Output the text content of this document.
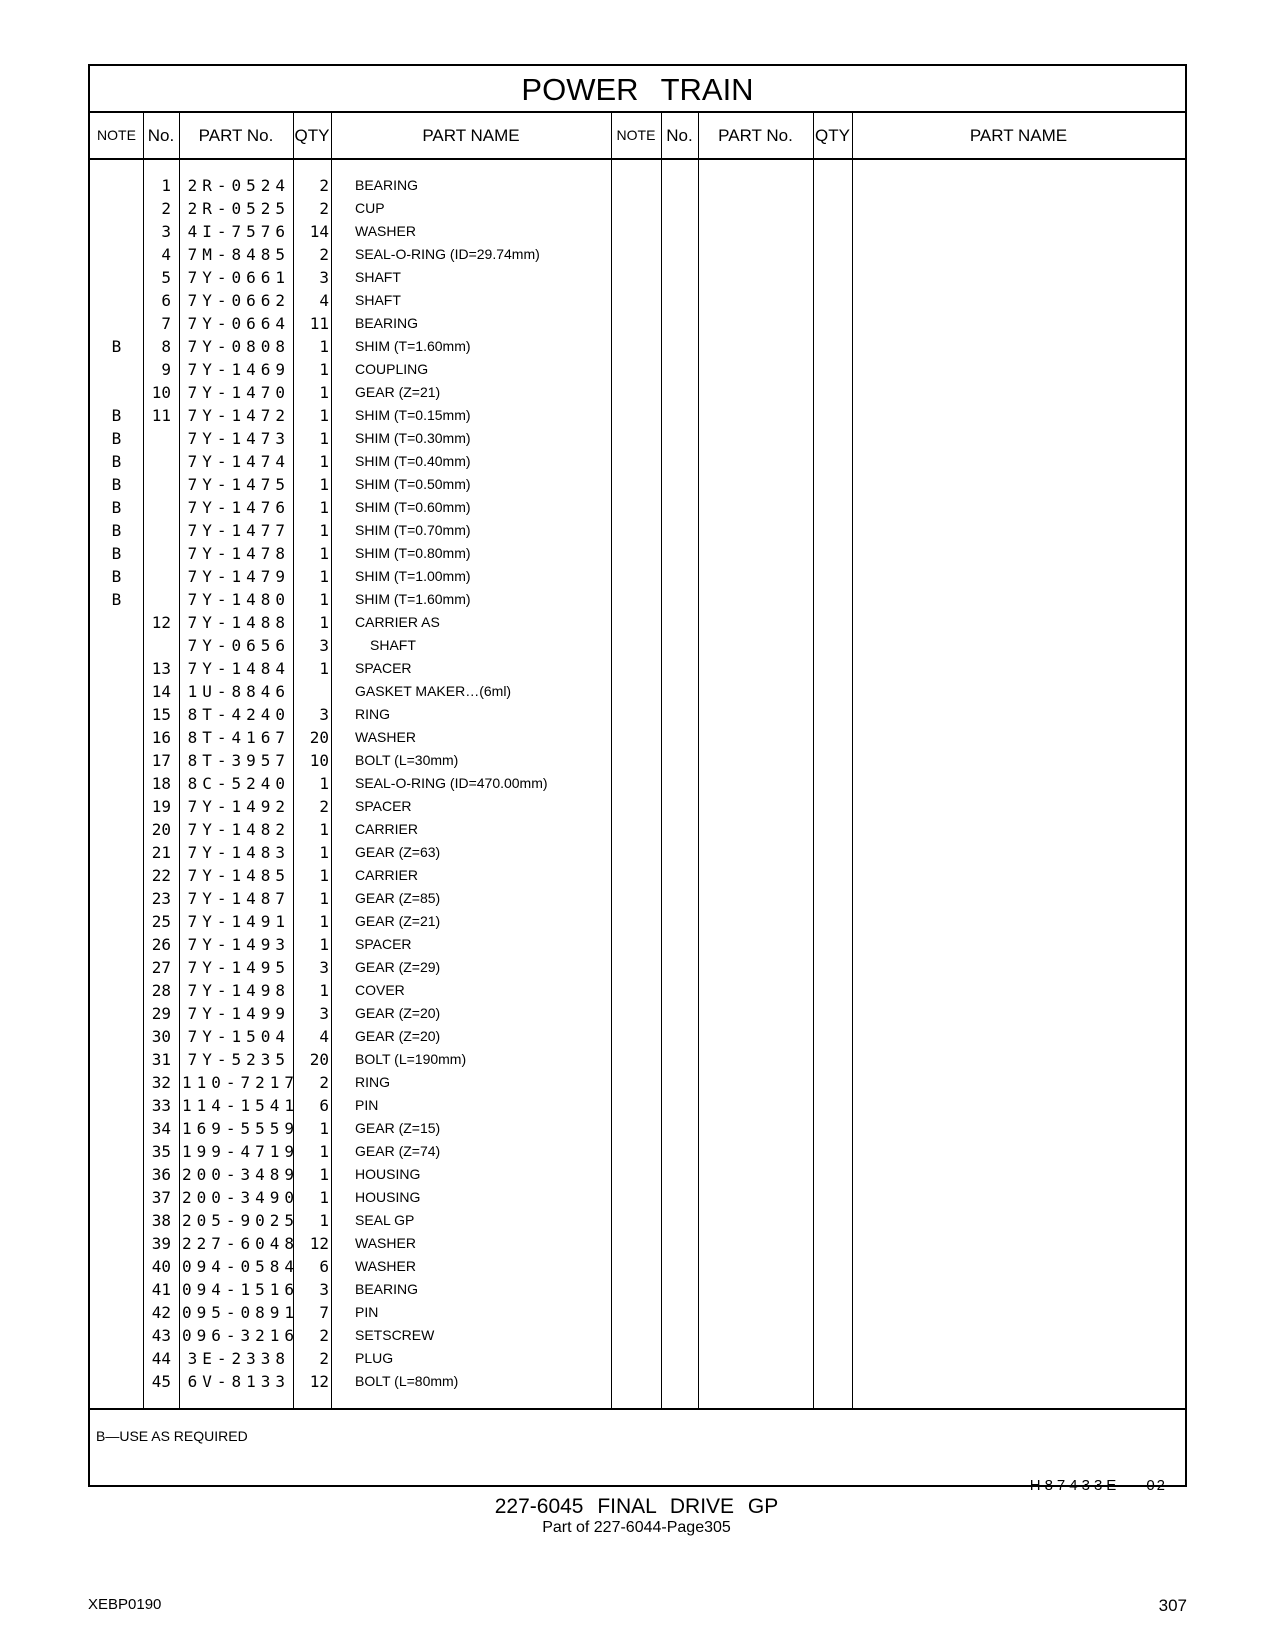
POWER TRAIN
NOTE No.	PART No.	QTY	PART NAME	NOTE No.	PART No.	QTY	PART NAME
1	2R-0524	2 BEARING
2	2R-0525	2 CUP
3	4I-7576	14 WASHER
4	7M-8485	2 SEAL-O-RING (ID=29.74mm)
5	7Y-0661	3 SHAFT
6	7Y-0662	4 SHAFT
7	7Y-0664	11 BEARING
B	8	7Y-0808	1 SHIM (T=1.60mm)
9	7Y-1469	1 COUPLING
10	7Y-1470	1 GEAR (Z=21)
B	11	7Y-1472	1 SHIM (T=0.15mm)
B	7Y-1473	1 SHIM (T=0.30mm)
B	7Y-1474	1 SHIM (T=0.40mm)
B	7Y-1475	1 SHIM (T=0.50mm)
B	7Y-1476	1 SHIM (T=0.60mm)
B	7Y-1477	1 SHIM (T=0.70mm)
B	7Y-1478	1 SHIM (T=0.80mm)
B	7Y-1479	1 SHIM (T=1.00mm)
B	7Y-1480	1 SHIM (T=1.60mm)
12	7Y-1488	1 CARRIER AS
7Y-0656	3	SHAFT
13	7Y-1484	1 SPACER
14	1U-8846	GASKET MAKER…(6ml)
15	8T-4240	3 RING
16	8T-4167	20 WASHER
17	8T-3957	10 BOLT (L=30mm)
18	8C-5240	1 SEAL-O-RING (ID=470.00mm)
19	7Y-1492	2 SPACER
20	7Y-1482	1 CARRIER
21	7Y-1483	1 GEAR (Z=63)
22	7Y-1485	1 CARRIER
23	7Y-1487	1 GEAR (Z=85)
25	7Y-1491	1 GEAR (Z=21)
26	7Y-1493	1 SPACER
27	7Y-1495	3 GEAR (Z=29)
28	7Y-1498	1 COVER
29	7Y-1499	3 GEAR (Z=20)
30	7Y-1504	4 GEAR (Z=20)
31	7Y-5235	20 BOLT (L=190mm)
32 110-7217	2 RING
33 114-1541	6 PIN
34 169-5559	1 GEAR (Z=15)
35 199-4719	1 GEAR (Z=74)
36 200-3489	1 HOUSING
37 200-3490	1 HOUSING
38 205-9025	1 SEAL GP
39 227-6048 12 WASHER
40 094-0584	6 WASHER
41 094-1516	3 BEARING
42 095-0891	7 PIN
43 096-3216	2 SETSCREW
44	3E-2338	2 PLUG
45	6V-8133	12 BOLT (L=80mm)
B—USE AS REQUIRED
H87433E 02
227-6045 FINAL DRIVE GP
Part of 227-6044-Page305
XEBP0190	307
